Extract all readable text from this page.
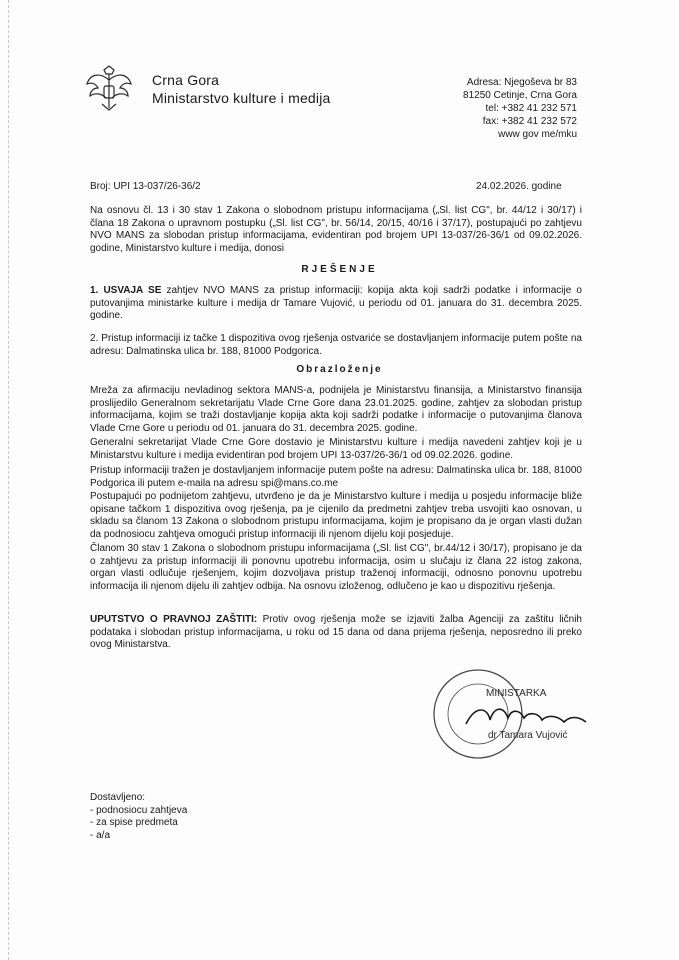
Crna Gora
Ministarstvo kulture i medija
Adresa: Njegoševa br 83
81250 Cetinje, Crna Gora
tel: +382 41 232 571
fax: +382 41 232 572
www gov me/mku
Broj: UPI 13-037/26-36/2	24.02.2026. godine
Na osnovu čl. 13 i 30 stav 1 Zakona o slobodnom pristupu informacijama („Sl. list CG", br. 44/12 i 30/17) i člana 18 Zakona o upravnom postupku („Sl. list CG", br. 56/14, 20/15, 40/16 i 37/17), postupajući po zahtjevu NVO MANS za slobodan pristup informacijama, evidentiran pod brojem UPI 13-037/26-36/1 od 09.02.2026. godine, Ministarstvo kulture i medija, donosi
RJEŠENJE
1. USVAJA SE zahtjev NVO MANS za pristup informaciji: kopija akta koji sadrži podatke i informacije o putovanjima ministarke kulture i medija dr Tamare Vujović, u periodu od 01. januara do 31. decembra 2025. godine.
2. Pristup informaciji iz tačke 1 dispozitiva ovog rješenja ostvariće se dostavljanjem informacije putem pošte na adresu: Dalmatinska ulica br. 188, 81000 Podgorica.
Obrazloženje
Mreža za afirmaciju nevladinog sektora MANS-a, podnijela je Ministarstvu finansija, a Ministarstvo finansija proslijedilo Generalnom sekretarijatu Vlade Crne Gore dana 23.01.2025. godine, zahtjev za slobodan pristup informacijama, kojim se traži dostavljanje kopija akta koji sadrži podatke i informacije o putovanjima članova Vlade Crne Gore u periodu od 01. januara do 31. decembra 2025. godine.
Generalni sekretarijat Vlade Crne Gore dostavio je Ministarstvu kulture i medija navedeni zahtjev koji je u Ministarstvu kulture i medija evidentiran pod brojem UPI 13-037/26-36/1 od 09.02.2026. godine.
Pristup informaciji tražen je dostavljanjem informacije putem pošte na adresu: Dalmatinska ulica br. 188, 81000 Podgorica ili putem e-maila na adresu spi@mans.co.me
Postupajući po podnijetom zahtjevu, utvrđeno je da je Ministarstvo kulture i medija u posjedu informacije bliže opisane tačkom 1 dispozitiva ovog rješenja, pa je cijenilo da predmetni zahtjev treba usvojiti kao osnovan, u skladu sa članom 13 Zakona o slobodnom pristupu informacijama, kojim je propisano da je organ vlasti dužan da podnosiocu zahtjeva omogući pristup informaciji ili njenom dijelu koji posjeduje.
Članom 30 stav 1 Zakona o slobodnom pristupu informacijama („Sl. list CG", br.44/12 i 30/17), propisano je da o zahtjevu za pristup informaciji ili ponovnu upotrebu informacija, osim u slučaju iz člana 22 istog zakona, organ vlasti odlučuje rješenjem, kojim dozvoljava pristup traženoj informaciji, odnosno ponovnu upotrebu informacija ili njenom dijelu ili zahtjev odbija. Na osnovu izloženog, odlučeno je kao u dispozitivu rješenja.
UPUTSTVO O PRAVNOJ ZAŠTITI: Protiv ovog rješenja može se izjaviti žalba Agenciji za zaštitu ličnih podataka i slobodan pristup informacijama, u roku od 15 dana od dana prijema rješenja, neposredno ili preko ovog Ministarstva.
MINISTARKA
dr Tamara Vujović
Dostavljeno:
- podnosiocu zahtjeva
- za spise predmeta
- a/a
